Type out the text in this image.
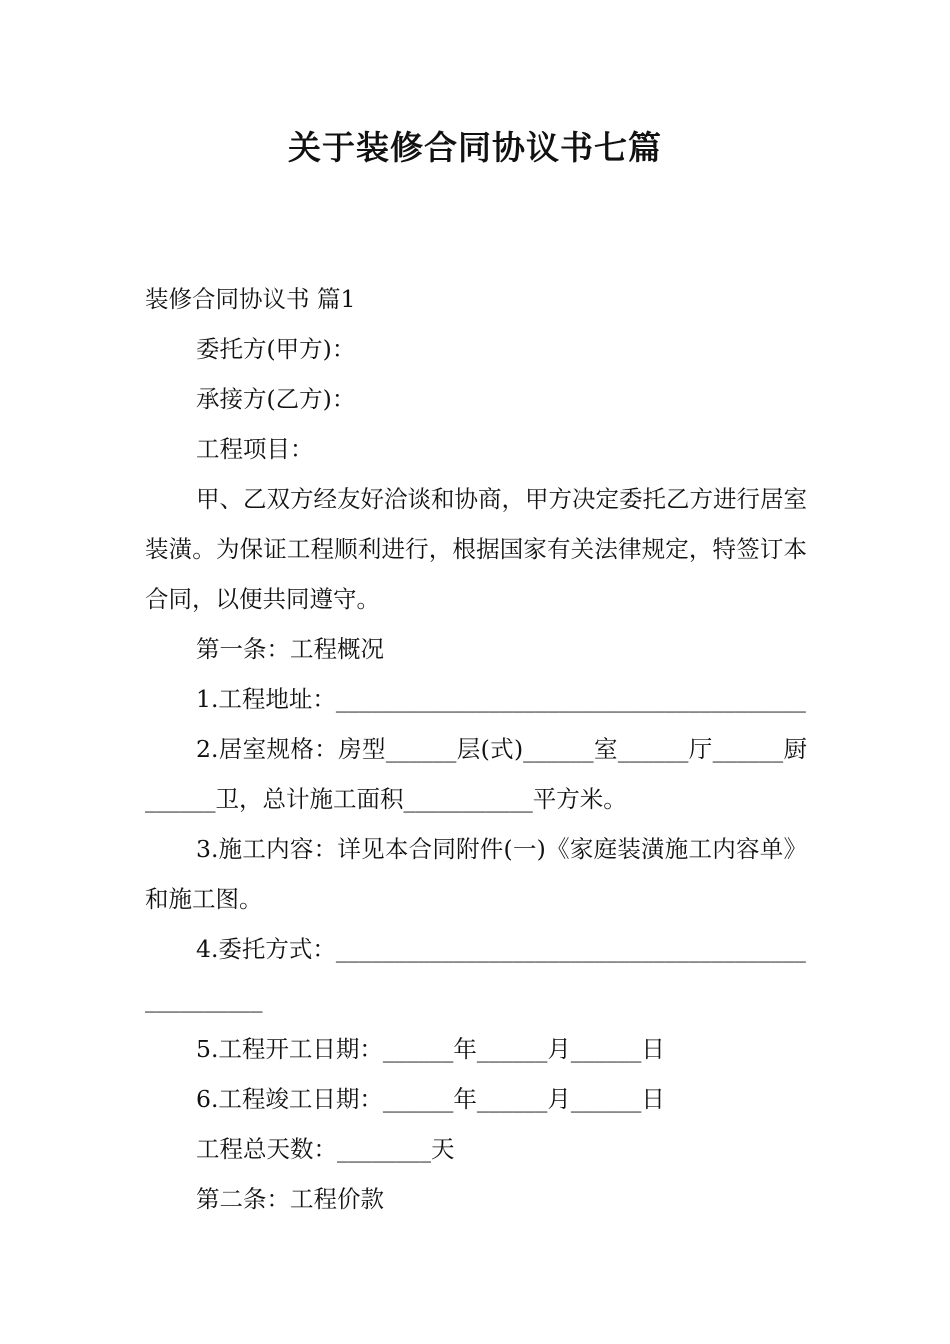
关于装修合同协议书七篇
装修合同协议书 篇1
委托方(甲方)：
承接方(乙方)：
工程项目：
甲、乙双方经友好洽谈和协商，甲方决定委托乙方进行居室装潢。为保证工程顺利进行，根据国家有关法律规定，特签订本合同，以便共同遵守。
第一条：工程概况
1.工程地址：________________________________________
2.居室规格：房型______层(式)______室______厅______厨______卫，总计施工面积___________平方米。
3.施工内容：详见本合同附件(一)《家庭装潢施工内容单》和施工图。
4.委托方式：________________________________________
__________
5.工程开工日期：______年______月______日
6.工程竣工日期：______年______月______日
工程总天数：________天
第二条：工程价款
